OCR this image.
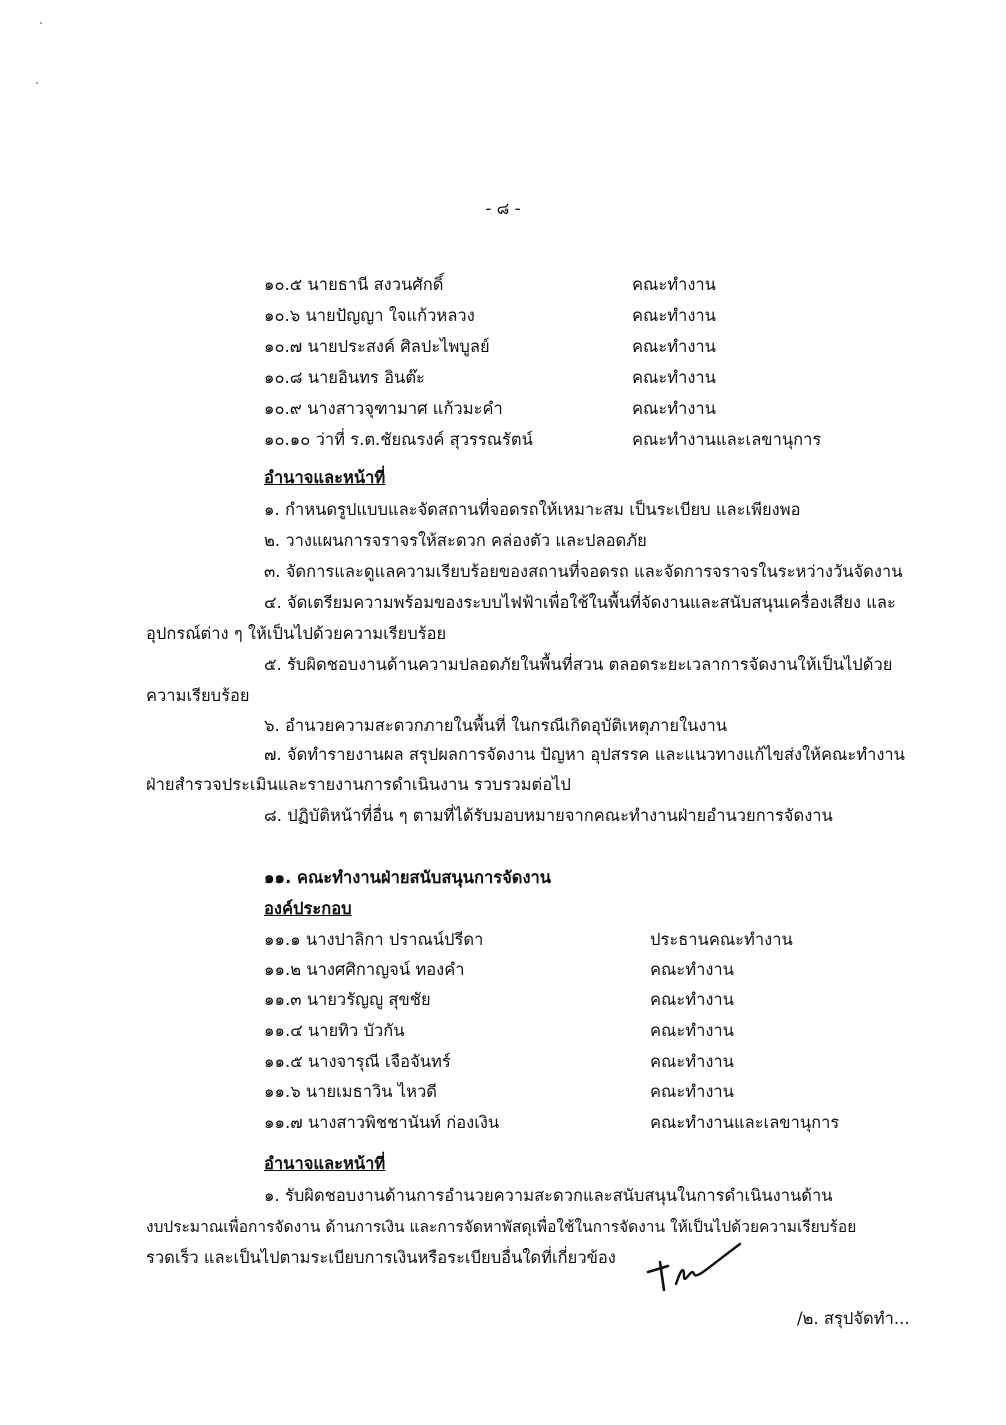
- ๘ -
๑๐.๕ นายธานี สงวนศักดิ์	คณะทำงาน
๑๐.๖ นายปัญญา ใจแก้วหลวง	คณะทำงาน
๑๐.๗ นายประสงค์ ศิลปะไพบูลย์	คณะทำงาน
๑๐.๘ นายอินทร อินต๊ะ	คณะทำงาน
๑๐.๙ นางสาวจุฑามาศ แก้วมะคำ	คณะทำงาน
๑๐.๑๐ ว่าที่ ร.ต.ชัยณรงค์ สุวรรณรัตน์	คณะทำงานและเลขานุการ
อำนาจและหน้าที่
๑. กำหนดรูปแบบและจัดสถานที่จอดรถให้เหมาะสม เป็นระเบียบ และเพียงพอ
๒. วางแผนการจราจรให้สะดวก คล่องตัว และปลอดภัย
๓. จัดการและดูแลความเรียบร้อยของสถานที่จอดรถ และจัดการจราจรในระหว่างวันจัดงาน
๔. จัดเตรียมความพร้อมของระบบไฟฟ้าเพื่อใช้ในพื้นที่จัดงานและสนับสนุนเครื่องเสียง และ
อุปกรณ์ต่าง ๆ ให้เป็นไปด้วยความเรียบร้อย
๕. รับผิดชอบงานด้านความปลอดภัยในพื้นที่สวน ตลอดระยะเวลาการจัดงานให้เป็นไปด้วย
ความเรียบร้อย
๖. อำนวยความสะดวกภายในพื้นที่ ในกรณีเกิดอุบัติเหตุภายในงาน
๗. จัดทำรายงานผล สรุปผลการจัดงาน ปัญหา อุปสรรค และแนวทางแก้ไขส่งให้คณะทำงาน
ฝ่ายสำรวจประเมินและรายงานการดำเนินงาน รวบรวมต่อไป
๘. ปฏิบัติหน้าที่อื่น ๆ ตามที่ได้รับมอบหมายจากคณะทำงานฝ่ายอำนวยการจัดงาน
๑๑. คณะทำงานฝ่ายสนับสนุนการจัดงาน
องค์ประกอบ
๑๑.๑ นางปาลิกา ปราณน์ปรีดา	ประธานคณะทำงาน
๑๑.๒ นางศศิกาญจน์ ทองคำ	คณะทำงาน
๑๑.๓ นายวรัญญู สุขชัย	คณะทำงาน
๑๑.๔ นายทิว บัวกัน	คณะทำงาน
๑๑.๕ นางจารุณี เจือจันทร์	คณะทำงาน
๑๑.๖ นายเมธาวิน ไหวดี	คณะทำงาน
๑๑.๗ นางสาวพิชชานันท์ ก่องเงิน	คณะทำงานและเลขานุการ
อำนาจและหน้าที่
๑. รับผิดชอบงานด้านการอำนวยความสะดวกและสนับสนุนในการดำเนินงานด้าน
งบประมาณเพื่อการจัดงาน ด้านการเงิน และการจัดหาพัสดุเพื่อใช้ในการจัดงาน ให้เป็นไปด้วยความเรียบร้อย
รวดเร็ว และเป็นไปตามระเบียบการเงินหรือระเบียบอื่นใดที่เกี่ยวข้อง
/๒. สรุปจัดทำ...
